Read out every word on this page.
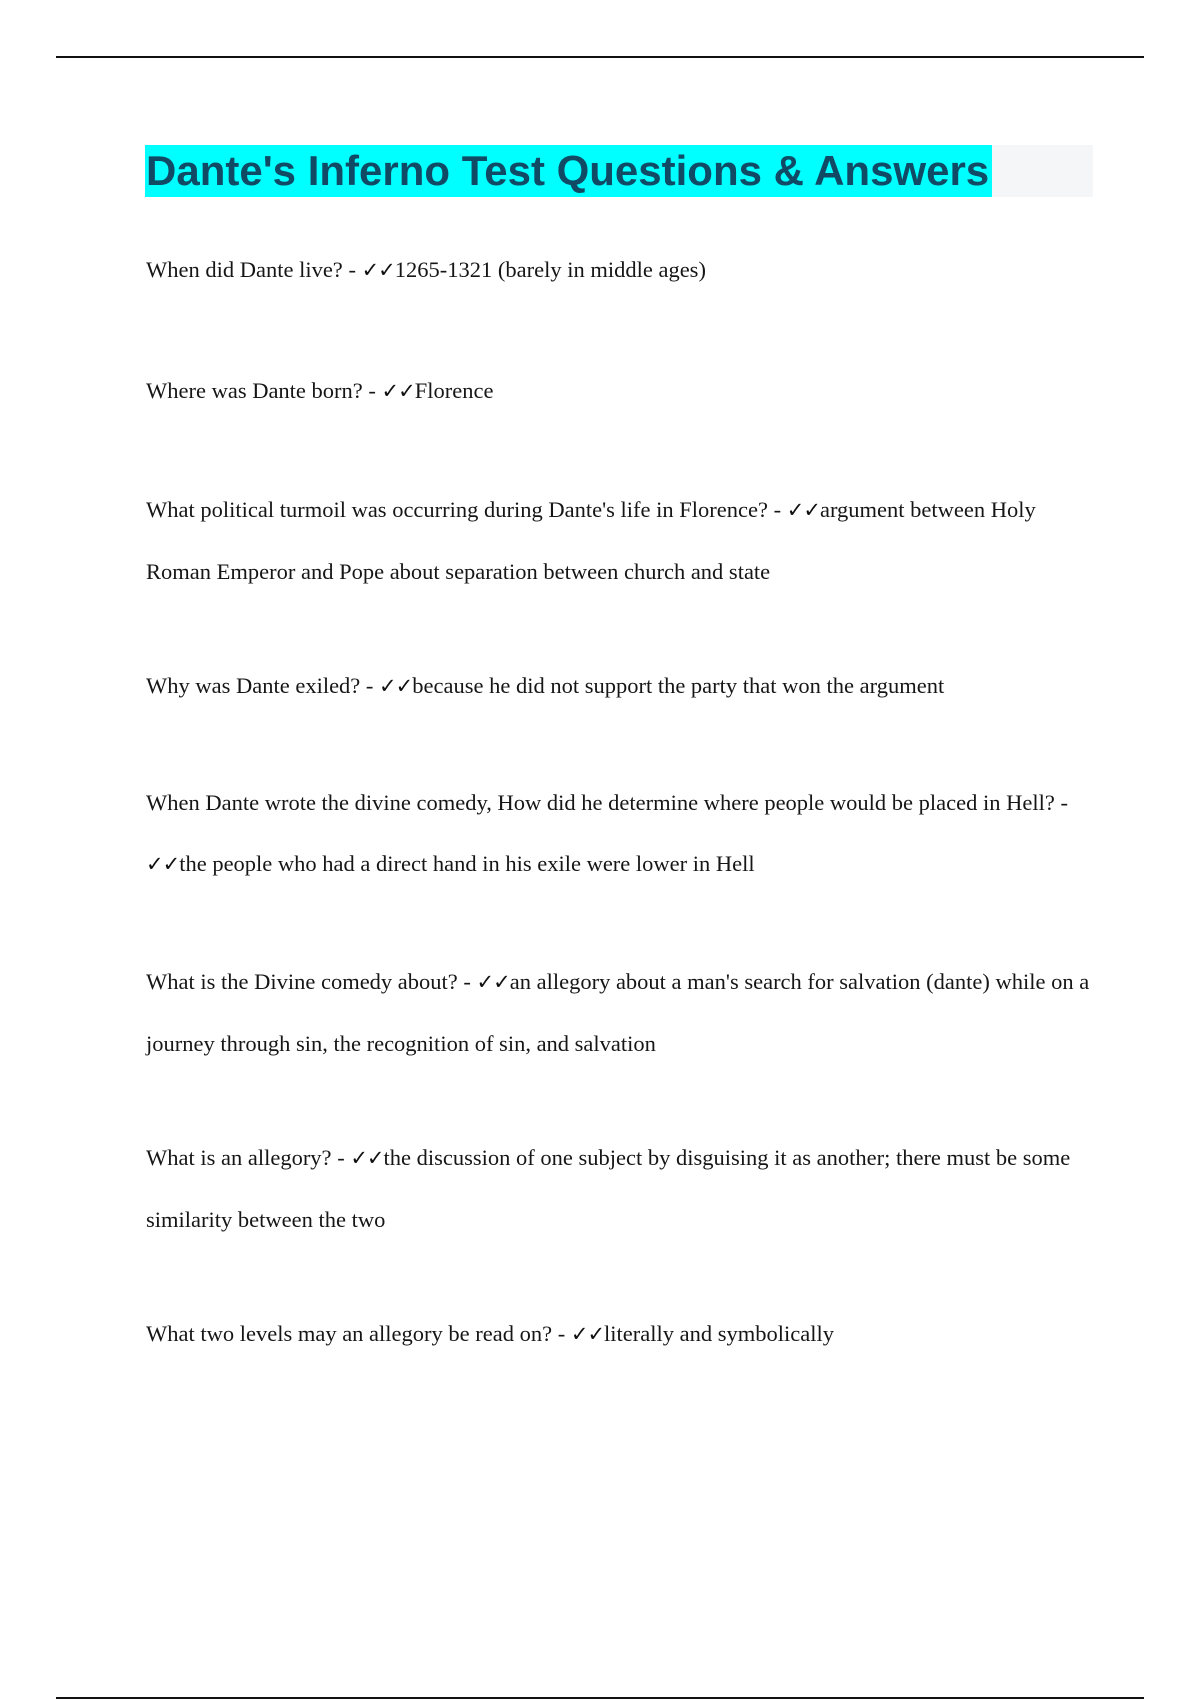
Dante's Inferno Test Questions & Answers

When did Dante live? - ✓✓1265-1321 (barely in middle ages)

Where was Dante born? - ✓✓Florence

What political turmoil was occurring during Dante's life in Florence? - ✓✓argument between Holy Roman Emperor and Pope about separation between church and state

Why was Dante exiled? - ✓✓because he did not support the party that won the argument

When Dante wrote the divine comedy, How did he determine where people would be placed in Hell? - ✓✓the people who had a direct hand in his exile were lower in Hell

What is the Divine comedy about? - ✓✓an allegory about a man's search for salvation (dante) while on a journey through sin, the recognition of sin, and salvation

What is an allegory? - ✓✓the discussion of one subject by disguising it as another; there must be some similarity between the two

What two levels may an allegory be read on? - ✓✓literally and symbolically
